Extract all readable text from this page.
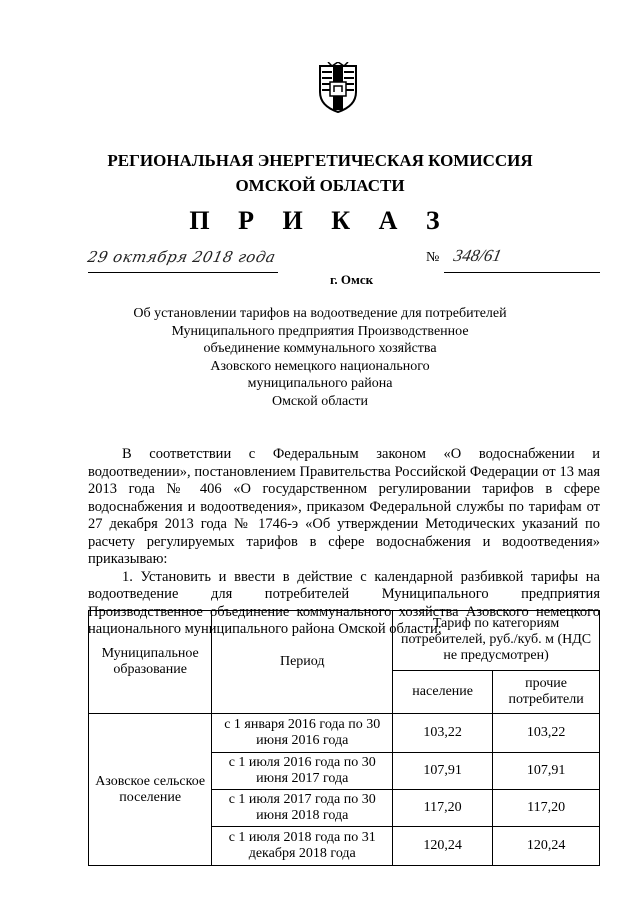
РЕГИОНАЛЬНАЯ ЭНЕРГЕТИЧЕСКАЯ КОМИССИЯ
ОМСКОЙ ОБЛАСТИ
П Р И К А З
29 октября 2018 года	№ 348/61
г. Омск
Об установлении тарифов на водоотведение для потребителей
Муниципального предприятия Производственное
объединение коммунального хозяйства
Азовского немецкого национального
муниципального района
Омской области

В соответствии с Федеральным законом «О водоснабжении и водоотведении», постановлением Правительства Российской Федерации от 13 мая 2013 года № 406 «О государственном регулировании тарифов в сфере водоснабжения и водоотведения», приказом Федеральной службы по тарифам от 27 декабря 2013 года № 1746-э «Об утверждении Методических указаний по расчету регулируемых тарифов в сфере водоснабжения и водоотведения» приказываю:

1. Установить и ввести в действие с календарной разбивкой тарифы на водоотведение для потребителей Муниципального предприятия Производственное объединение коммунального хозяйства Азовского немецкого национального муниципального района Омской области:

Муниципальное образование	Период	Тариф по категориям потребителей, руб./куб. м (НДС не предусмотрен)	
		население	прочие потребители
Азовское сельское поселение	с 1 января 2016 года по 30 июня 2016 года	103,22	103,22
	с 1 июля 2016 года по 30 июня 2017 года	107,91	107,91
	с 1 июля 2017 года по 30 июня 2018 года	117,20	117,20
	с 1 июля 2018 года по 31 декабря 2018 года	120,24	120,24
